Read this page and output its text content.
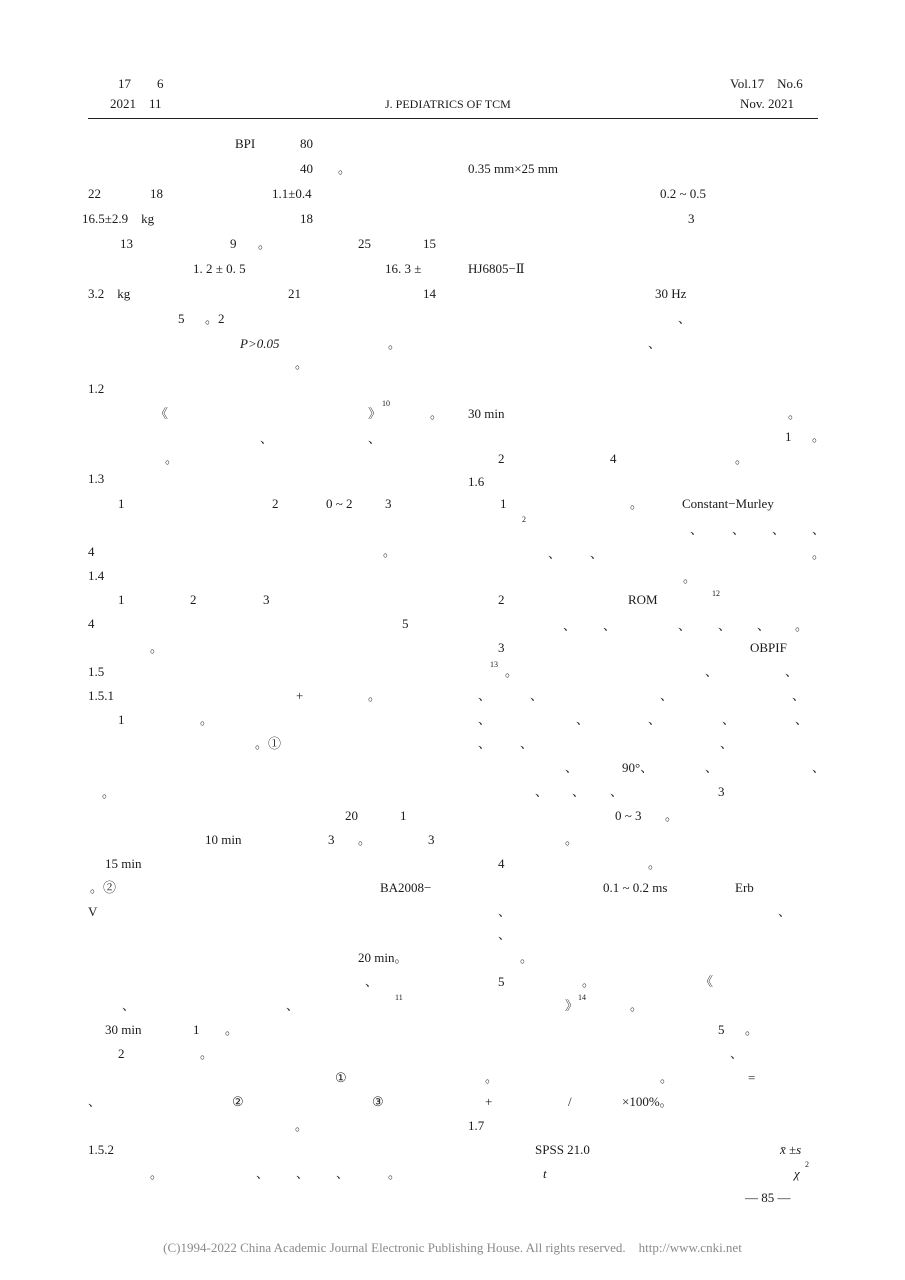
17　　6
2021　11	J. PEDIATRICS OF TCM
Vol.17　No.6
Nov. 2021
BPI	80
40 。
22	18	1.1±0.4
16.5±2.9　kg	18
13	9 。	25	15
1. 2 ± 0. 5	16. 3 ±
3.2　kg	21	14
5 。2
P>0.05	。
。
1.2
《	》
10
。
、	、
。
1.3
1	2	0 ~ 2 3
4	。
1.4
1	2	3
4	5
。
1.5
1.5.1	+	。
1	。
。①
。
20	1
10 min	3 。	3
15 min
。②	BA2008−
V
20 min。
、
、	、
11
30 min	1 。
2	。
①
、	②	③
。
1.5.2
。	、 、 、	。
0.35 mm×25 mm
0.2 ~ 0.5
3
HJ6805−Ⅱ
30 Hz
、
、
30 min	。
1 。
2	4	。
1.6
1	。	Constant−Murley
2
、 、 、 、
、 、	。
。
2	ROM	12
、 、	、 、 、 。
3	OBPIF
13 。	、	、
、	、	、	、
、	、	、	、	、
、 、	、
、	90°、	、	、
、 、 、	3
0 ~ 3 。
。
4	。
0.1 ~ 0.2 ms	Erb
、	、
、
。
5	。	《
》
14
。
5 。
、
。	。	=
+	/	×100%。
1.7
SPSS 21.0	x̄ ±s
t	χ
2
— 85 —
(C)1994-2022 China Academic Journal Electronic Publishing House. All rights reserved.　http://www.cnki.net
